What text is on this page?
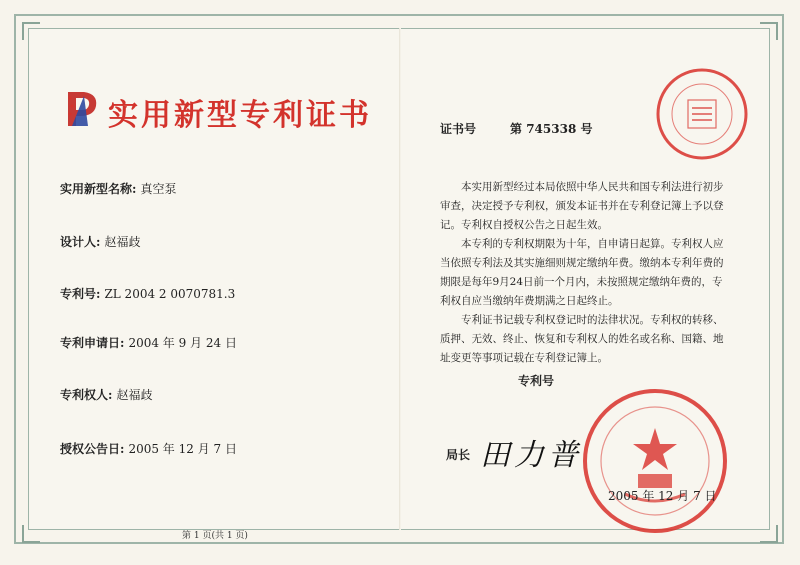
实用新型专利证书
实用新型名称: 真空泵
设计人: 赵福歧
专利号: ZL 2004 2 0070781.3
专利申请日: 2004 年 9 月 24 日
专利权人: 赵福歧
授权公告日: 2005 年 12 月 7 日
证书号	第 745338 号

本实用新型经过本局依照中华人民共和国专利法进行初步审查，决定授予专利权，颁发本证书并在专利登记簿上予以登记。专利权自授权公告之日起生效。

本专利的专利权期限为十年，自申请日起算。专利权人应当依照专利法及其实施细则规定缴纳年费。缴纳本专利年费的期限是每年9月24日前一个月内，未按照规定缴纳年费的，专利权自应当缴纳年费期满之日起终止。

专利证书记载专利权登记时的法律状况。专利权的转移、质押、无效、终止、恢复和专利权人的姓名或名称、国籍、地址变更等事项记载在专利登记簿上。

专利号
局长 田力普
2005 年 12 月 7 日
第 1 页(共 1 页)
